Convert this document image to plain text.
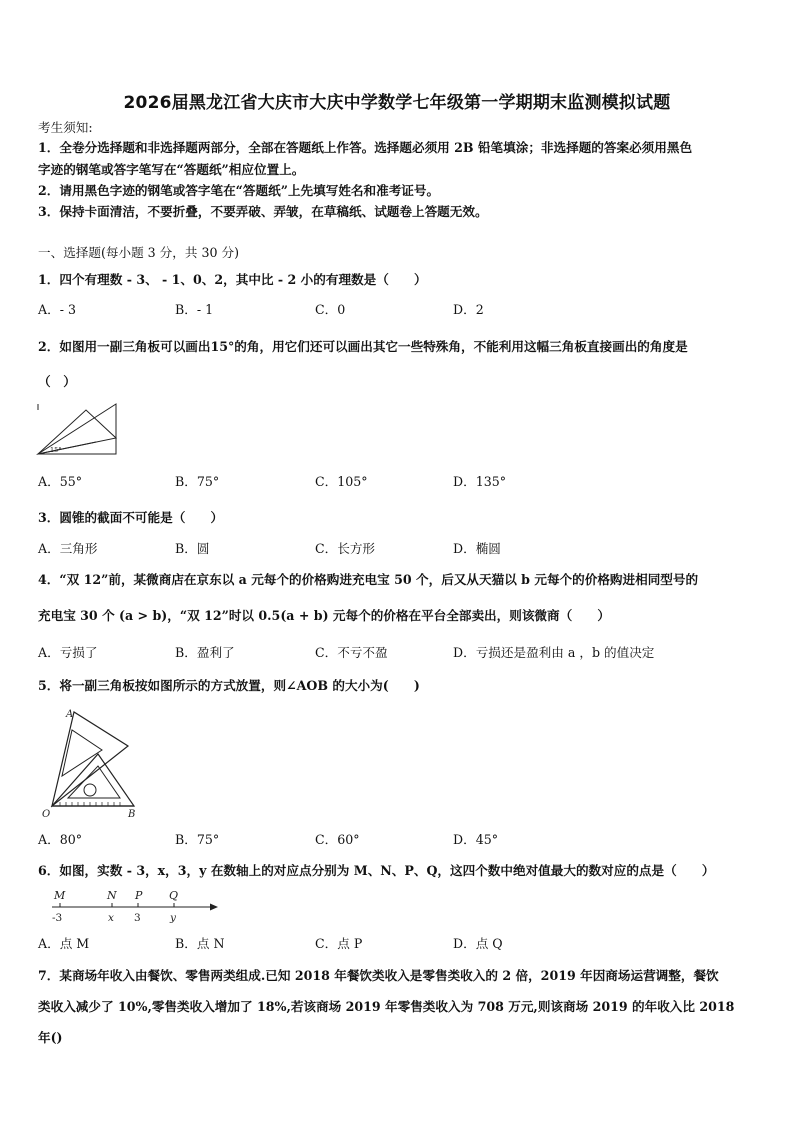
2026届黑龙江省大庆市大庆中学数学七年级第一学期期末监测模拟试题
考生须知:
1．全卷分选择题和非选择题两部分，全部在答题纸上作答。选择题必须用 2B 铅笔填涂；非选择题的答案必须用黑色
字迹的钢笔或答字笔写在“答题纸”相应位置上。
2．请用黑色字迹的钢笔或答字笔在“答题纸”上先填写姓名和准考证号。
3．保持卡面清洁，不要折叠，不要弄破、弄皱，在草稿纸、试题卷上答题无效。
一、选择题(每小题 3 分，共 30 分)
1．四个有理数 - 3、 - 1、0、2，其中比 - 2 小的有理数是（　　）
A．- 3	B．- 1	C．0	D．2
2．如图用一副三角板可以画出15°的角，用它们还可以画出其它一些特殊角，不能利用这幅三角板直接画出的角度是
（　）
15°
A．55°	B．75°	C．105°	D．135°
3．圆锥的截面不可能是（　　）
A．三角形	B．圆	C．长方形	D．椭圆
4．“双 12”前，某微商店在京东以 a 元每个的价格购进充电宝 50 个，后又从天猫以 b 元每个的价格购进相同型号的
充电宝 30 个 (a > b)，“双 12”时以 0.5(a + b) 元每个的价格在平台全部卖出，则该微商（　　）
A．亏损了	B．盈利了	C．不亏不盈	D．亏损还是盈利由 a ，b 的值决定
5．将一副三角板按如图所示的方式放置，则∠AOB 的大小为(　　)
A
O	B
A．80°	B．75°	C．60°	D．45°
6．如图，实数 - 3，x，3，y 在数轴上的对应点分别为 M、N、P、Q，这四个数中绝对值最大的数对应的点是（　　）
M	N P Q
-3	x 3	y
A．点 M	B．点 N	C．点 P	D．点 Q
7．某商场年收入由餐饮、零售两类组成.已知 2018 年餐饮类收入是零售类收入的 2 倍，2019 年因商场运营调整，餐饮
类收入减少了 10%,零售类收入增加了 18%,若该商场 2019 年零售类收入为 708 万元,则该商场 2019 的年收入比 2018
年()
